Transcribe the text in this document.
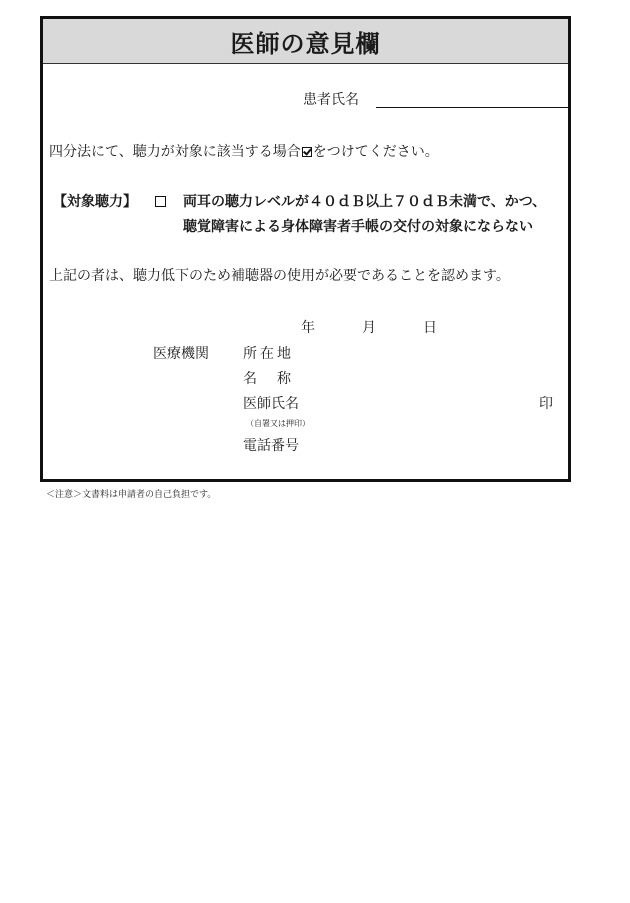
医師の意見欄
患者氏名
四分法にて、聴力が対象に該当する場合 をつけてください。
【対象聴力】	両耳の聴力レベルが４０ｄＢ以上７０ｄＢ未満で、かつ、
聴覚障害による身体障害者手帳の交付の対象にならない
上記の者は、聴力低下のため補聴器の使用が必要であることを認めます。
年	月	日
医療機関 所在地
名　称
医師氏名	印
（自署又は押印）
電話番号
＜注意＞文書料は申請者の自己負担です。
